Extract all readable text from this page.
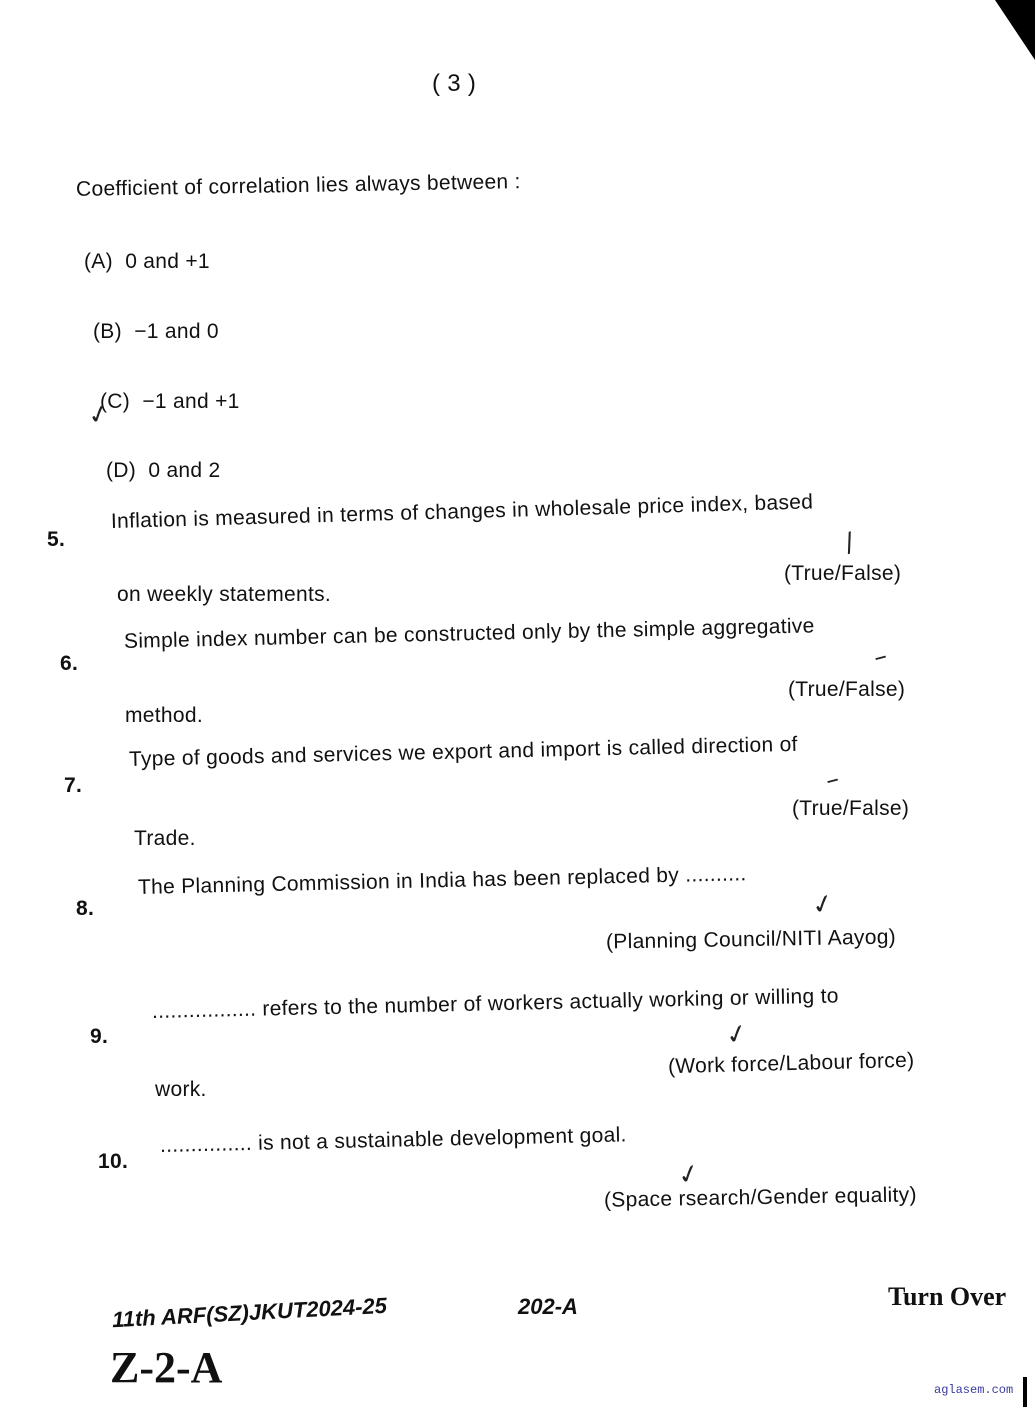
( 3 )
Coefficient of correlation lies always between :
(A) 0 and +1
(B) −1 and 0
(C) −1 and +1
✓
(D) 0 and 2
5.
Inflation is measured in terms of changes in wholesale price index, based
on weekly statements.
(True/False)
/
6.
Simple index number can be constructed only by the simple aggregative
method.
(True/False)
–
7.
Type of goods and services we export and import is called direction of
Trade.
(True/False)
–
8.
The Planning Commission in India has been replaced by ..........
(Planning Council/NITI Aayog)
✓
9.
................. refers to the number of workers actually working or willing to
work.
(Work force/Labour force)
✓
10.
............... is not a sustainable development goal.
(Space rsearch/Gender equality)
✓
11th ARF(SZ)JKUT2024-25	202-A
Z-2-A
Turn Over
aglasem.com
